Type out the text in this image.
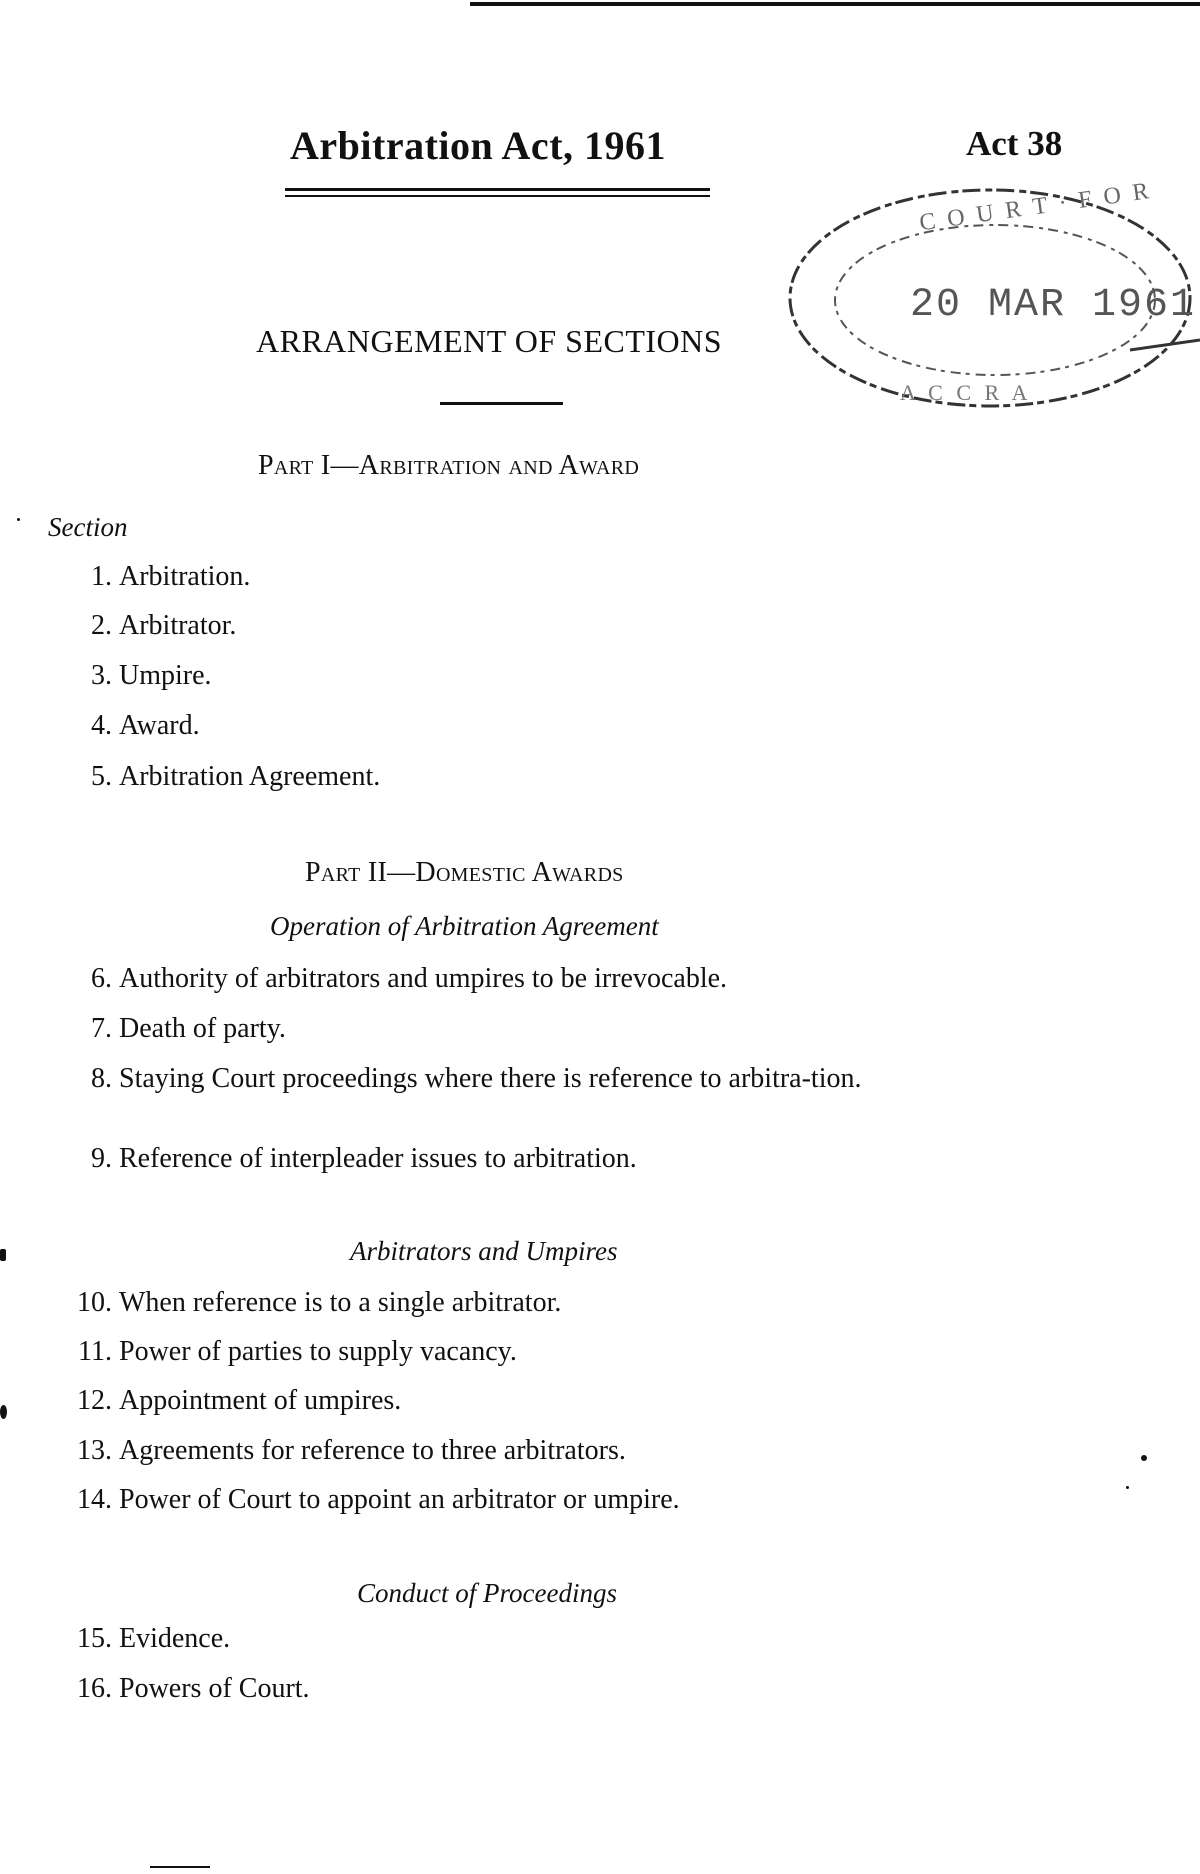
Arbitration Act, 1961	Act 38
C O U R T · F O R
A C C R A
20 MAR 1961
ARRANGEMENT OF SECTIONS
Part I—Arbitration and Award
Section
1. Arbitration.
2. Arbitrator.
3. Umpire.
4. Award.
5. Arbitration Agreement.
Part II—Domestic Awards
Operation of Arbitration Agreement
6. Authority of arbitrators and umpires to be irrevocable.
7. Death of party.
8. Staying Court proceedings where there is reference to arbitra-tion.
9. Reference of interpleader issues to arbitration.
Arbitrators and Umpires
10. When reference is to a single arbitrator.
11. Power of parties to supply vacancy.
12. Appointment of umpires.
13. Agreements for reference to three arbitrators.
14. Power of Court to appoint an arbitrator or umpire.
Conduct of Proceedings
15. Evidence.
16. Powers of Court.
